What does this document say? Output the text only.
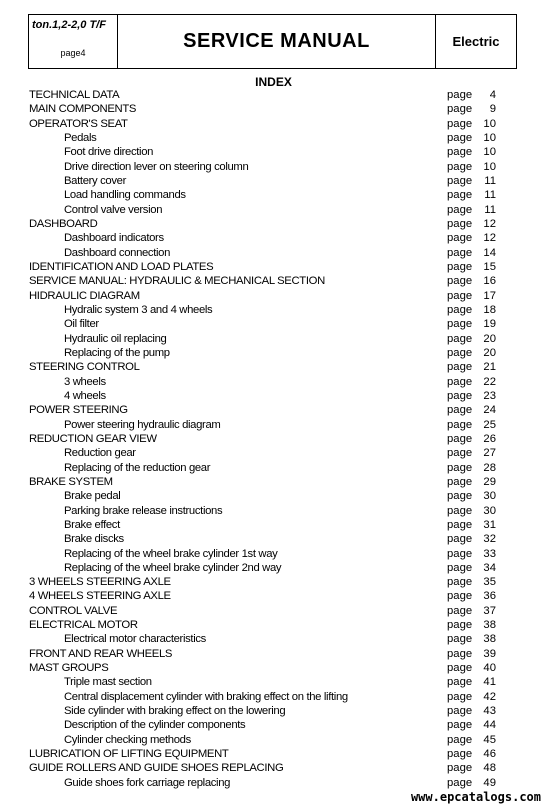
ton.1,2-2,0 T/F
page4
SERVICE MANUAL	Electric
INDEX
TECHNICAL DATA	page 4
MAIN COMPONENTS	page 9
OPERATOR'S SEAT	page 10
Pedals	page 10
Foot drive direction	page 10
Drive direction lever on steering column	page 10
Battery cover	page 11
Load handling commands	page 11
Control valve version	page 11
DASHBOARD	page 12
Dashboard indicators	page 12
Dashboard connection	page 14
IDENTIFICATION AND LOAD PLATES	page 15
SERVICE MANUAL: HYDRAULIC & MECHANICAL SECTION	page 16
HIDRAULIC DIAGRAM	page 17
Hydralic system 3 and 4 wheels	page 18
Oil filter	page 19
Hydraulic oil replacing	page 20
Replacing of the pump	page 20
STEERING CONTROL	page 21
3 wheels	page 22
4 wheels	page 23
POWER STEERING	page 24
Power steering hydraulic diagram	page 25
REDUCTION GEAR VIEW	page 26
Reduction gear	page 27
Replacing of the reduction gear	page 28
BRAKE SYSTEM	page 29
Brake pedal	page 30
Parking brake release instructions	page 30
Brake effect	page 31
Brake discks	page 32
Replacing of the wheel brake cylinder 1st way	page 33
Replacing of the wheel brake cylinder 2nd way	page 34
3 WHEELS STEERING AXLE	page 35
4 WHEELS STEERING AXLE	page 36
CONTROL VALVE	page 37
ELECTRICAL MOTOR	page 38
Electrical motor characteristics	page 38
FRONT AND REAR WHEELS	page 39
MAST GROUPS	page 40
Triple mast section	page 41
Central displacement cylinder with braking effect on the lifting	page 42
Side cylinder with braking effect on the lowering	page 43
Description of the cylinder components	page 44
Cylinder checking methods	page 45
LUBRICATION OF LIFTING EQUIPMENT	page 46
GUIDE ROLLERS AND GUIDE SHOES REPLACING	page 48
Guide shoes fork carriage replacing	page 49
www.epcatalogs.com
